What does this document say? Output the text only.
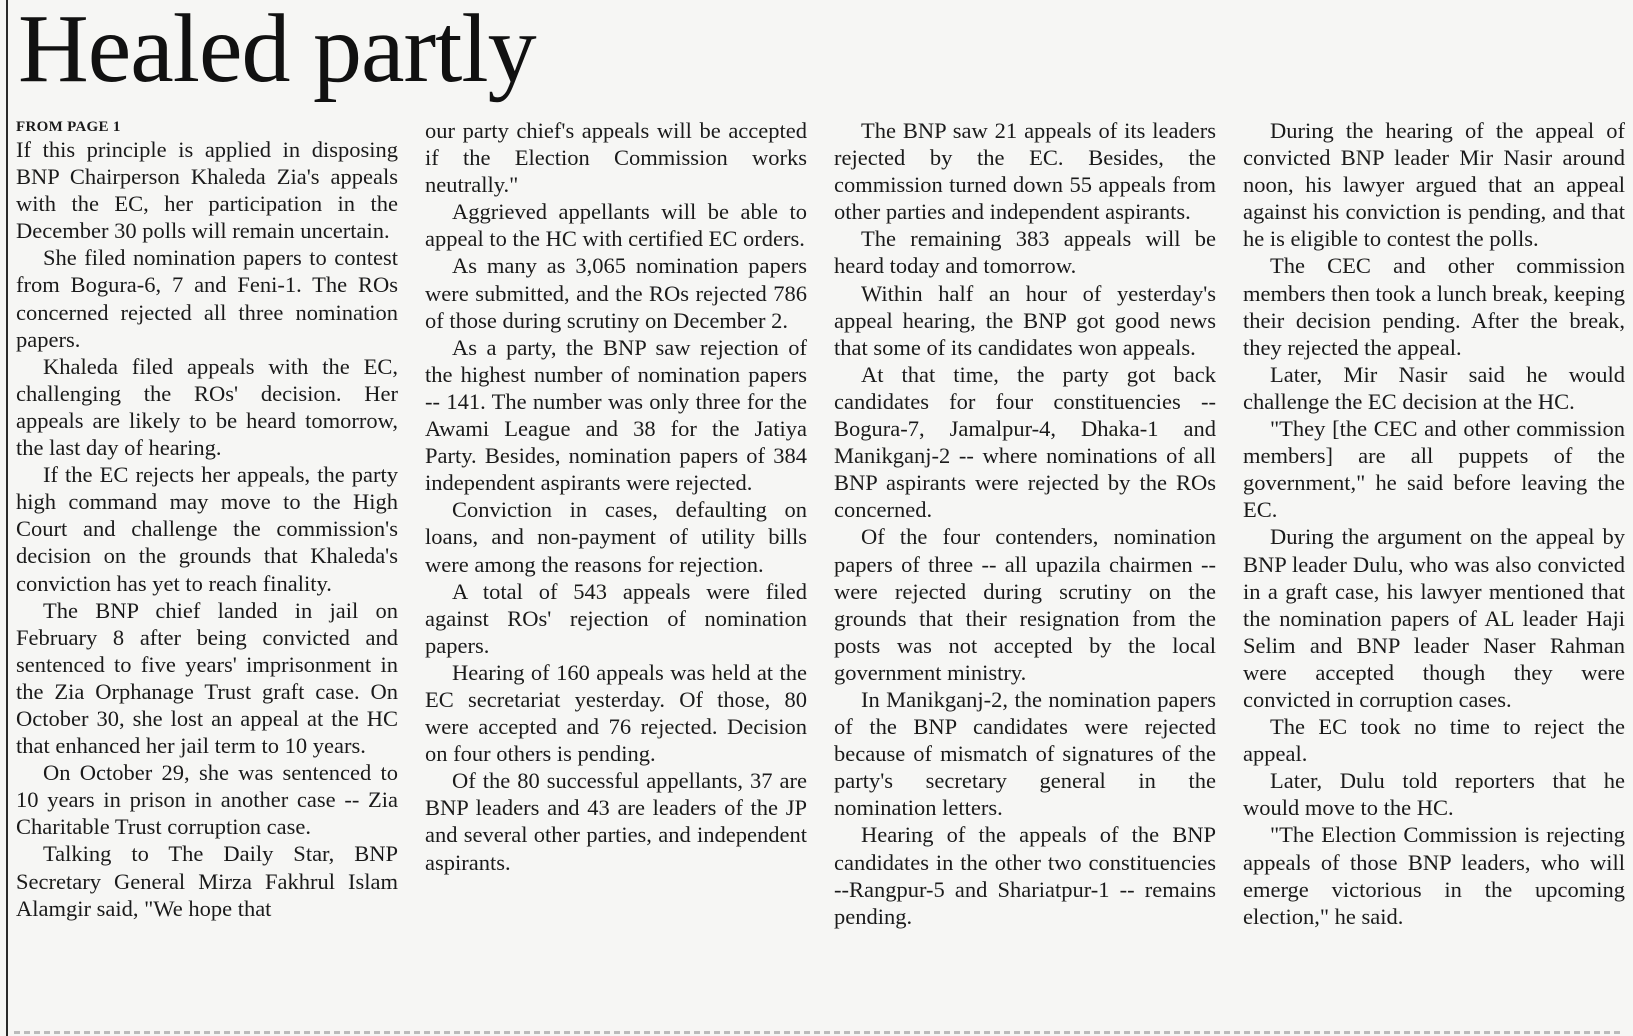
Healed partly
FROM PAGE 1

If this principle is applied in disposing BNP Chairperson Khaleda Zia's appeals with the EC, her participation in the December 30 polls will remain uncertain.

She filed nomination papers to contest from Bogura-6, 7 and Feni-1. The ROs concerned rejected all three nomination papers.

Khaleda filed appeals with the EC, challenging the ROs' decision. Her appeals are likely to be heard tomorrow, the last day of hearing.

If the EC rejects her appeals, the party high command may move to the High Court and challenge the commission's decision on the grounds that Khaleda's conviction has yet to reach finality.

The BNP chief landed in jail on February 8 after being convicted and sentenced to five years' imprisonment in the Zia Orphanage Trust graft case. On October 30, she lost an appeal at the HC that enhanced her jail term to 10 years.

On October 29, she was sentenced to 10 years in prison in another case -- Zia Charitable Trust corruption case.

Talking to The Daily Star, BNP Secretary General Mirza Fakhrul Islam Alamgir said, "We hope that

our party chief's appeals will be accepted if the Election Commission works neutrally."

Aggrieved appellants will be able to appeal to the HC with certified EC orders.

As many as 3,065 nomination papers were submitted, and the ROs rejected 786 of those during scrutiny on December 2.

As a party, the BNP saw rejection of the highest number of nomination papers -- 141. The number was only three for the Awami League and 38 for the Jatiya Party. Besides, nomination papers of 384 independent aspirants were rejected.

Conviction in cases, defaulting on loans, and non-payment of utility bills were among the reasons for rejection.

A total of 543 appeals were filed against ROs' rejection of nomination papers.

Hearing of 160 appeals was held at the EC secretariat yesterday. Of those, 80 were accepted and 76 rejected. Decision on four others is pending.

Of the 80 successful appellants, 37 are BNP leaders and 43 are leaders of the JP and several other parties, and independent aspirants.

The BNP saw 21 appeals of its leaders rejected by the EC. Besides, the commission turned down 55 appeals from other parties and independent aspirants.

The remaining 383 appeals will be heard today and tomorrow.

Within half an hour of yesterday's appeal hearing, the BNP got good news that some of its candidates won appeals.

At that time, the party got back candidates for four constituencies -- Bogura-7, Jamalpur-4, Dhaka-1 and Manikganj-2 -- where nominations of all BNP aspirants were rejected by the ROs concerned.

Of the four contenders, nomination papers of three -- all upazila chairmen -- were rejected during scrutiny on the grounds that their resignation from the posts was not accepted by the local government ministry.

In Manikganj-2, the nomination papers of the BNP candidates were rejected because of mismatch of signatures of the party's secretary general in the nomination letters.

Hearing of the appeals of the BNP candidates in the other two constituencies --Rangpur-5 and Shariatpur-1 -- remains pending.

During the hearing of the appeal of convicted BNP leader Mir Nasir around noon, his lawyer argued that an appeal against his conviction is pending, and that he is eligible to contest the polls.

The CEC and other commission members then took a lunch break, keeping their decision pending. After the break, they rejected the appeal.

Later, Mir Nasir said he would challenge the EC decision at the HC.

"They [the CEC and other commission members] are all puppets of the government," he said before leaving the EC.

During the argument on the appeal by BNP leader Dulu, who was also convicted in a graft case, his lawyer mentioned that the nomination papers of AL leader Haji Selim and BNP leader Naser Rahman were accepted though they were convicted in corruption cases.

The EC took no time to reject the appeal.

Later, Dulu told reporters that he would move to the HC.

"The Election Commission is rejecting appeals of those BNP leaders, who will emerge victorious in the upcoming election," he said.
